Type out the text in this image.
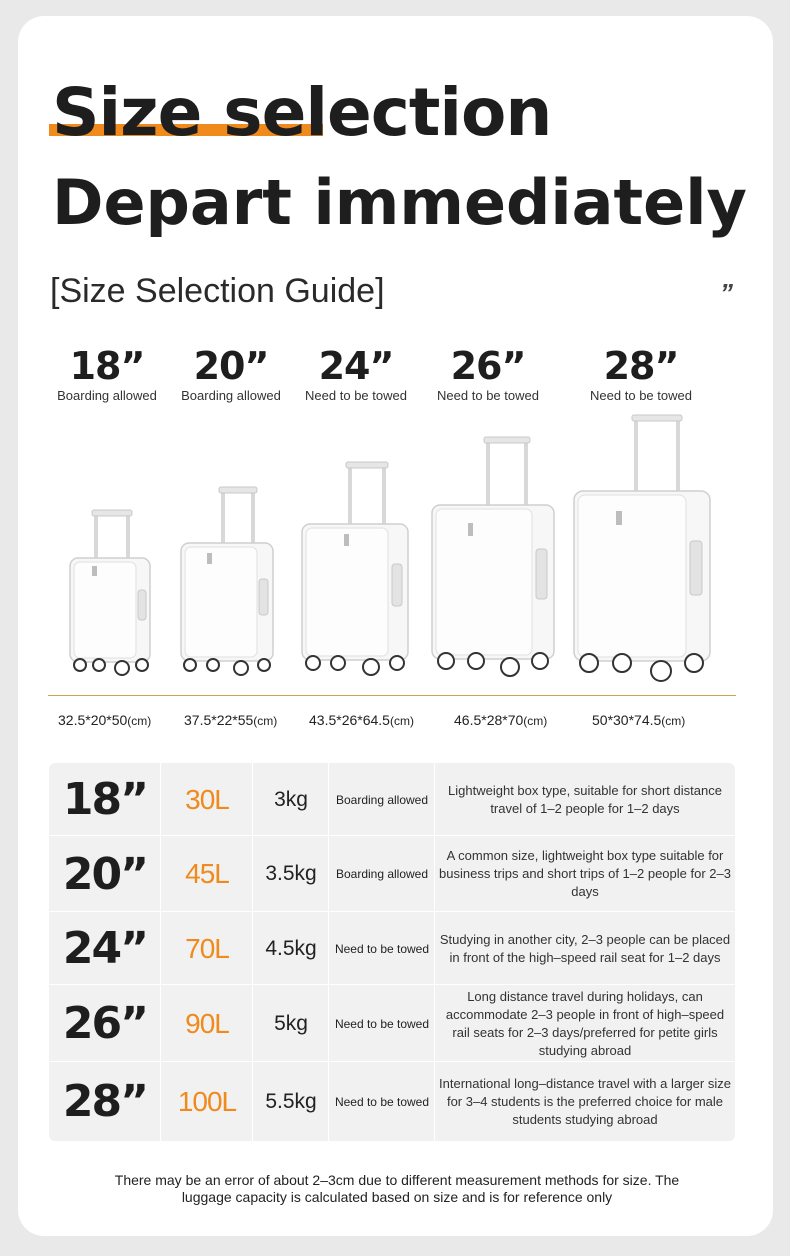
Size selection
Depart immediately
[Size Selection Guide]	”
18”
Boarding allowed
20”
Boarding allowed
24”
Need to be towed
26”
Need to be towed
28”
Need to be towed
32.5*20*50(cm) 37.5*22*55(cm) 43.5*26*64.5(cm)	46.5*28*70(cm)	50*30*74.5(cm)
18”	30L	3kg	Boarding allowed
Lightweight box type, suitable for short distance travel of 1–2 people for 1–2 days
20”	45L	3.5kg	Boarding allowed
A common size, lightweight box type suitable for business trips and short trips of 1–2 people for 2–3 days
24”	70L	4.5kg	Need to be towed
Studying in another city, 2–3 people can be placed in front of the high–speed rail seat for 1–2 days
26”	90L	5kg	Need to be towed
Long distance travel during holidays, can accommodate 2–3 people in front of high–speed rail seats for 2–3 days/preferred for petite girls studying abroad
28”	100L	5.5kg	Need to be towed
International long–distance travel with a larger size for 3–4 students is the preferred choice for male students studying abroad
There may be an error of about 2–3cm due to different measurement methods for size. The
luggage capacity is calculated based on size and is for reference only
